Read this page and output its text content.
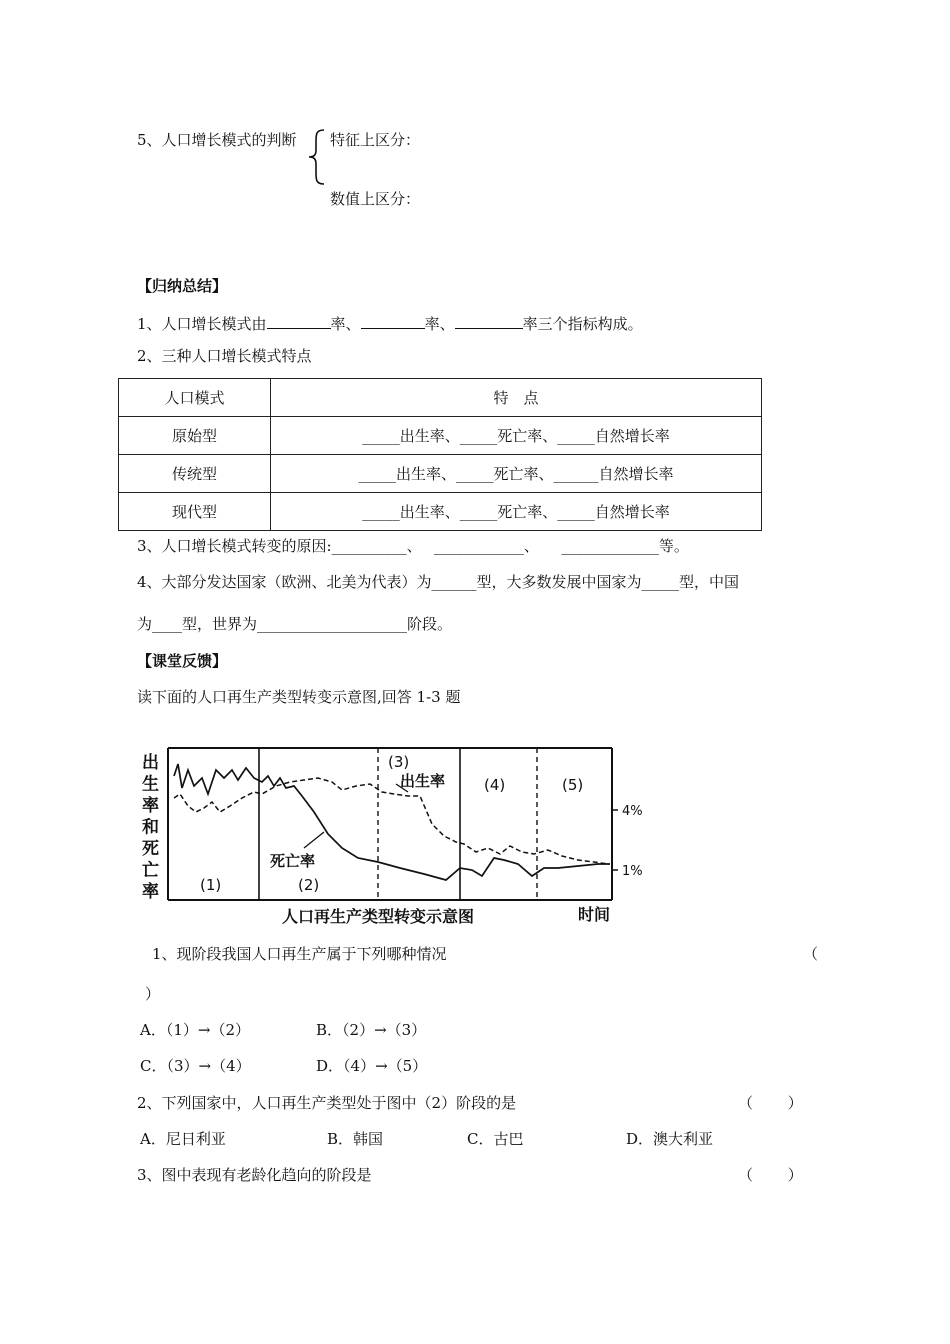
5、人口增长模式的判断 特征上区分：
数值上区分：
【归纳总结】
1、人口增长模式由	率、	率、	率三个指标构成。
2、三种人口增长模式特点
人口模式	特　点
原始型	_____出生率、_____死亡率、_____自然增长率
传统型	_____出生率、_____死亡率、______自然增长率
现代型	_____出生率、_____死亡率、_____自然增长率
3、人口增长模式转变的原因:__________、　 ____________、　　_____________等。
4、大部分发达国家（欧洲、北美为代表）为______型，大多数发展中国家为_____型，中国
为____型，世界为____________________阶段。
【课堂反馈】
读下面的人口再生产类型转变示意图,回答 1-3 题
出
生
率
和
死
亡
率
4%
1%
出生率
死亡率
(1)	(2)
(3)
(4)	(5)
人口再生产类型转变示意图	时间
1、现阶段我国人口再生产属于下列哪种情况	（
）
A．（1）→（2）	B．（2）→（3）
C．（3）→（4）	D．（4）→（5）
2、下列国家中，人口再生产类型处于图中（2）阶段的是	（　　 ）
A．尼日利亚	B．韩国	C．古巴	D．澳大利亚
3、图中表现有老龄化趋向的阶段是	（　　 ）
